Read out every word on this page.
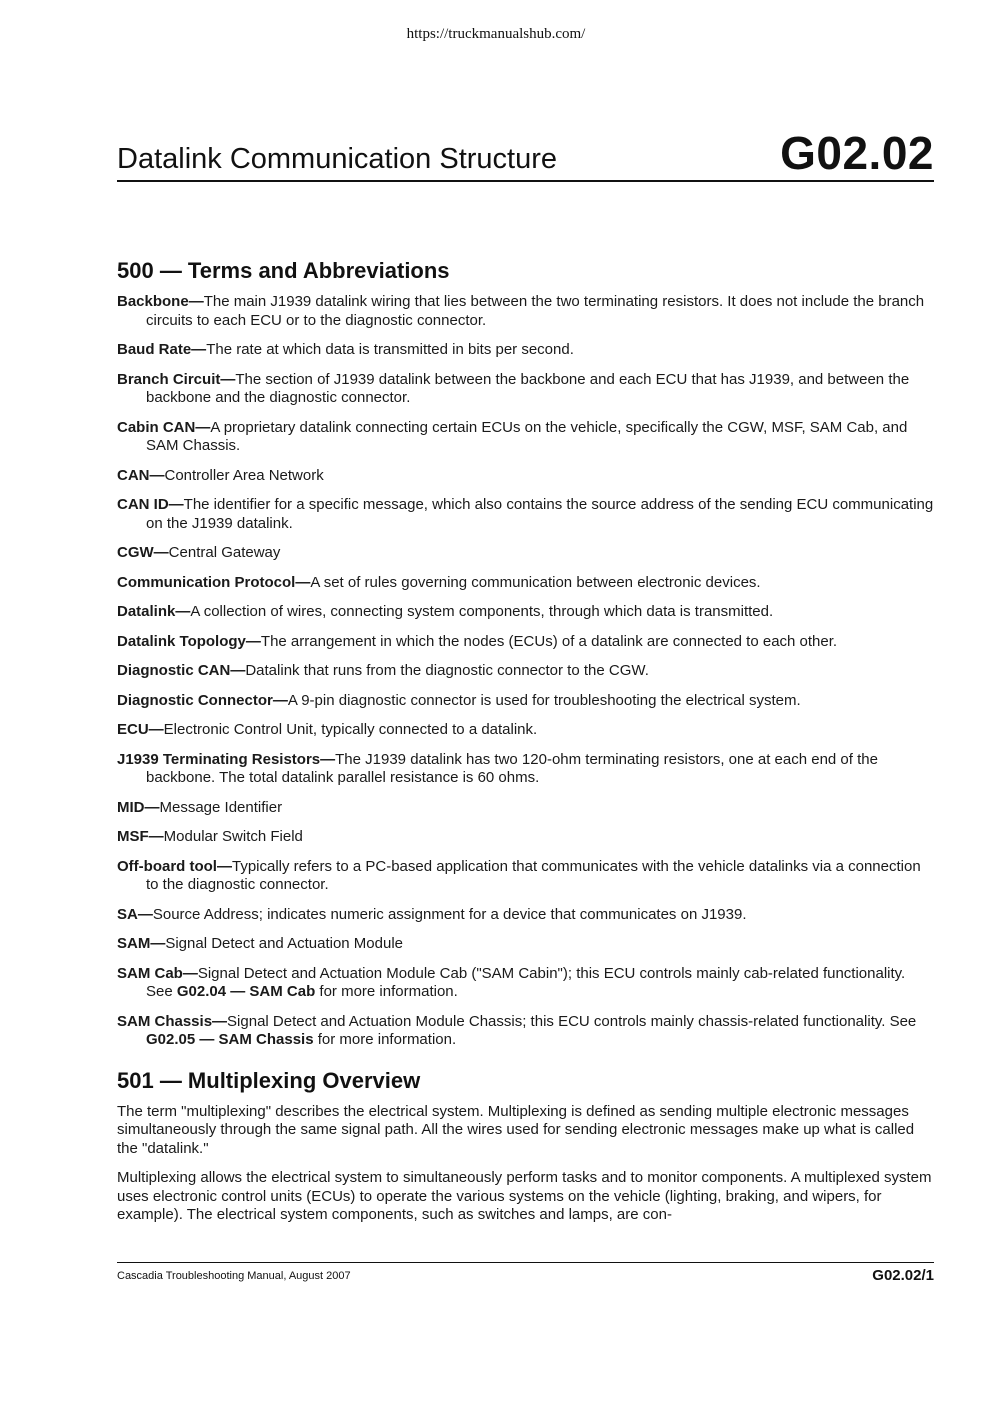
https://truckmanualshub.com/
Datalink Communication Structure	G02.02
500 — Terms and Abbreviations

Backbone—The main J1939 datalink wiring that lies between the two terminating resistors. It does not include the branch circuits to each ECU or to the diagnostic connector.

Baud Rate—The rate at which data is transmitted in bits per second.

Branch Circuit—The section of J1939 datalink between the backbone and each ECU that has J1939, and between the backbone and the diagnostic connector.

Cabin CAN—A proprietary datalink connecting certain ECUs on the vehicle, specifically the CGW, MSF, SAM Cab, and SAM Chassis.

CAN—Controller Area Network

CAN ID—The identifier for a specific message, which also contains the source address of the sending ECU communicating on the J1939 datalink.

CGW—Central Gateway

Communication Protocol—A set of rules governing communication between electronic devices.

Datalink—A collection of wires, connecting system components, through which data is transmitted.

Datalink Topology—The arrangement in which the nodes (ECUs) of a datalink are connected to each other.

Diagnostic CAN—Datalink that runs from the diagnostic connector to the CGW.

Diagnostic Connector—A 9-pin diagnostic connector is used for troubleshooting the electrical system.

ECU—Electronic Control Unit, typically connected to a datalink.

J1939 Terminating Resistors—The J1939 datalink has two 120-ohm terminating resistors, one at each end of the backbone. The total datalink parallel resistance is 60 ohms.

MID—Message Identifier

MSF—Modular Switch Field

Off-board tool—Typically refers to a PC-based application that communicates with the vehicle datalinks via a connection to the diagnostic connector.

SA—Source Address; indicates numeric assignment for a device that communicates on J1939.

SAM—Signal Detect and Actuation Module

SAM Cab—Signal Detect and Actuation Module Cab ("SAM Cabin"); this ECU controls mainly cab-related functionality. See G02.04 — SAM Cab for more information.

SAM Chassis—Signal Detect and Actuation Module Chassis; this ECU controls mainly chassis-related functionality. See G02.05 — SAM Chassis for more information.

501 — Multiplexing Overview

The term "multiplexing" describes the electrical system. Multiplexing is defined as sending multiple electronic messages simultaneously through the same signal path. All the wires used for sending electronic messages make up what is called the "datalink."

Multiplexing allows the electrical system to simultaneously perform tasks and to monitor components. A multiplexed system uses electronic control units (ECUs) to operate the various systems on the vehicle (lighting, braking, and wipers, for example). The electrical system components, such as switches and lamps, are con-

Cascadia Troubleshooting Manual, August 2007	G02.02/1
